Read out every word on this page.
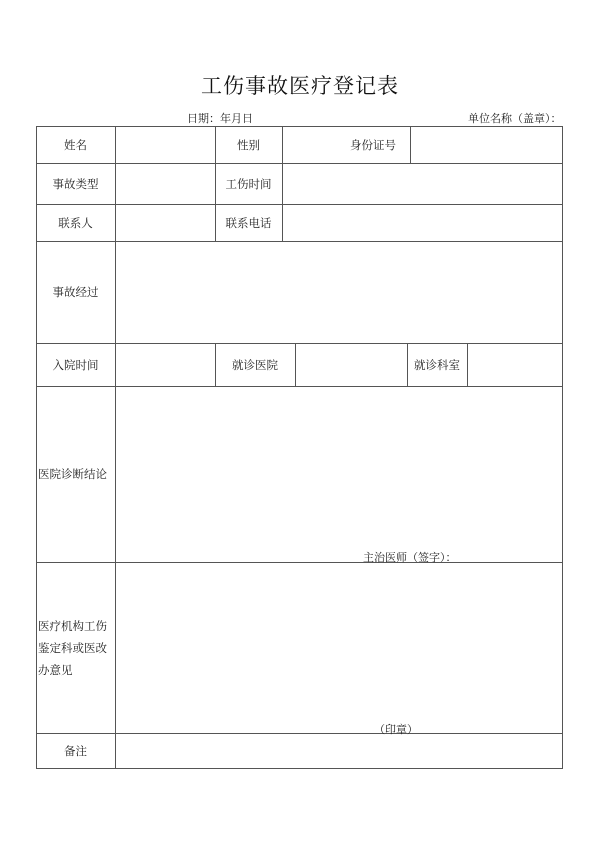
工伤事故医疗登记表
日期：年月日	单位名称（盖章）：
姓名	性别	身份证号
事故类型	工伤时间
联系人	联系电话
事故经过
入院时间	就诊医院	就诊科室
医院诊断结论
主治医师（签字）：
医疗机构工伤鉴定科或医改办意见
（印章）
备注
